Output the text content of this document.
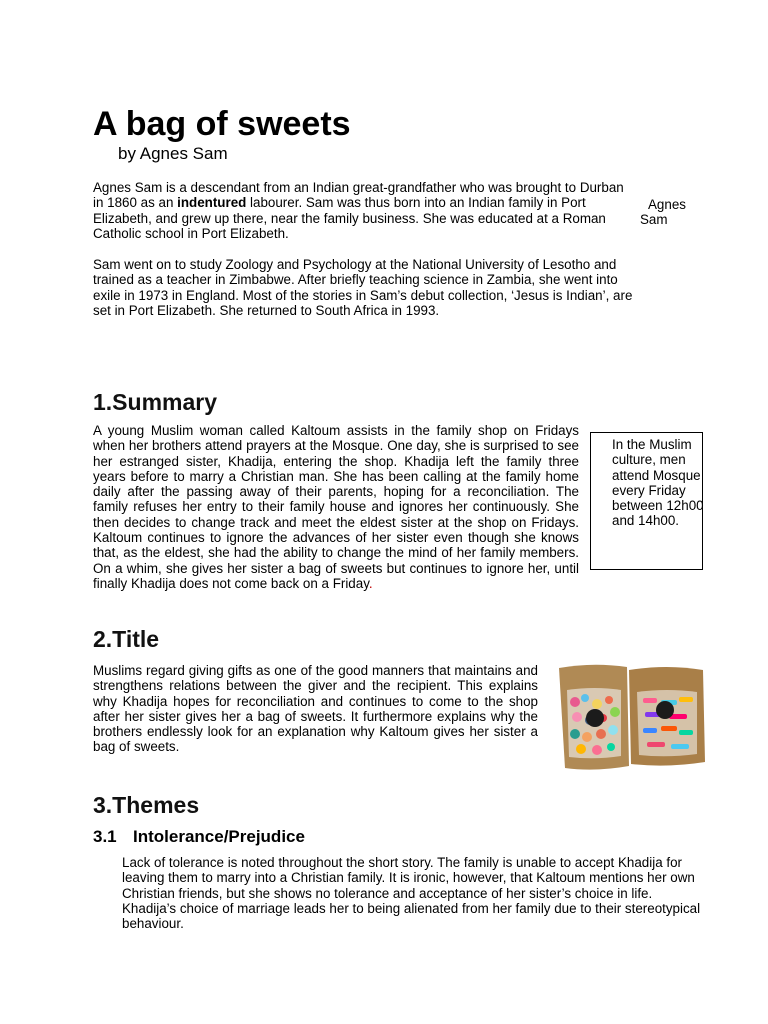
A bag of sweets
by Agnes Sam
Agnes Sam is a descendant from an Indian great-grandfather who was brought to Durban in 1860 as an indentured labourer. Sam was thus born into an Indian family in Port Elizabeth, and grew up there, near the family business. She was educated at a Roman Catholic school in Port Elizabeth.
Agnes
Sam
Sam went on to study Zoology and Psychology at the National University of Lesotho and trained as a teacher in Zimbabwe. After briefly teaching science in Zambia, she went into exile in 1973 in England. Most of the stories in Sam’s debut collection, ‘Jesus is Indian’, are set in Port Elizabeth. She returned to South Africa in 1993.
1.Summary
A young Muslim woman called Kaltoum assists in the family shop on Fridays when her brothers attend prayers at the Mosque. One day, she is surprised to see her estranged sister, Khadija, entering the shop. Khadija left the family three years before to marry a Christian man. She has been calling at the family home daily after the passing away of their parents, hoping for a reconciliation. The family refuses her entry to their family house and ignores her continuously. She then decides to change track and meet the eldest sister at the shop on Fridays. Kaltoum continues to ignore the advances of her sister even though she knows that, as the eldest, she had the ability to change the mind of her family members. On a whim, she gives her sister a bag of sweets but continues to ignore her, until finally Khadija does not come back on a Friday.
In the Muslim culture, men attend Mosque every Friday between 12h00 and 14h00.
2.Title
Muslims regard giving gifts as one of the good manners that maintains and strengthens relations between the giver and the recipient. This explains why Khadija hopes for reconciliation and continues to come to the shop after her sister gives her a bag of sweets. It furthermore explains why the brothers endlessly look for an explanation why Kaltoum gives her sister a bag of sweets.
3.Themes
3.1 Intolerance/Prejudice
Lack of tolerance is noted throughout the short story. The family is unable to accept Khadija for leaving them to marry into a Christian family. It is ironic, however, that Kaltoum mentions her own Christian friends, but she shows no tolerance and acceptance of her sister’s choice in life. Khadija’s choice of marriage leads her to being alienated from her family due to their stereotypical behaviour.
